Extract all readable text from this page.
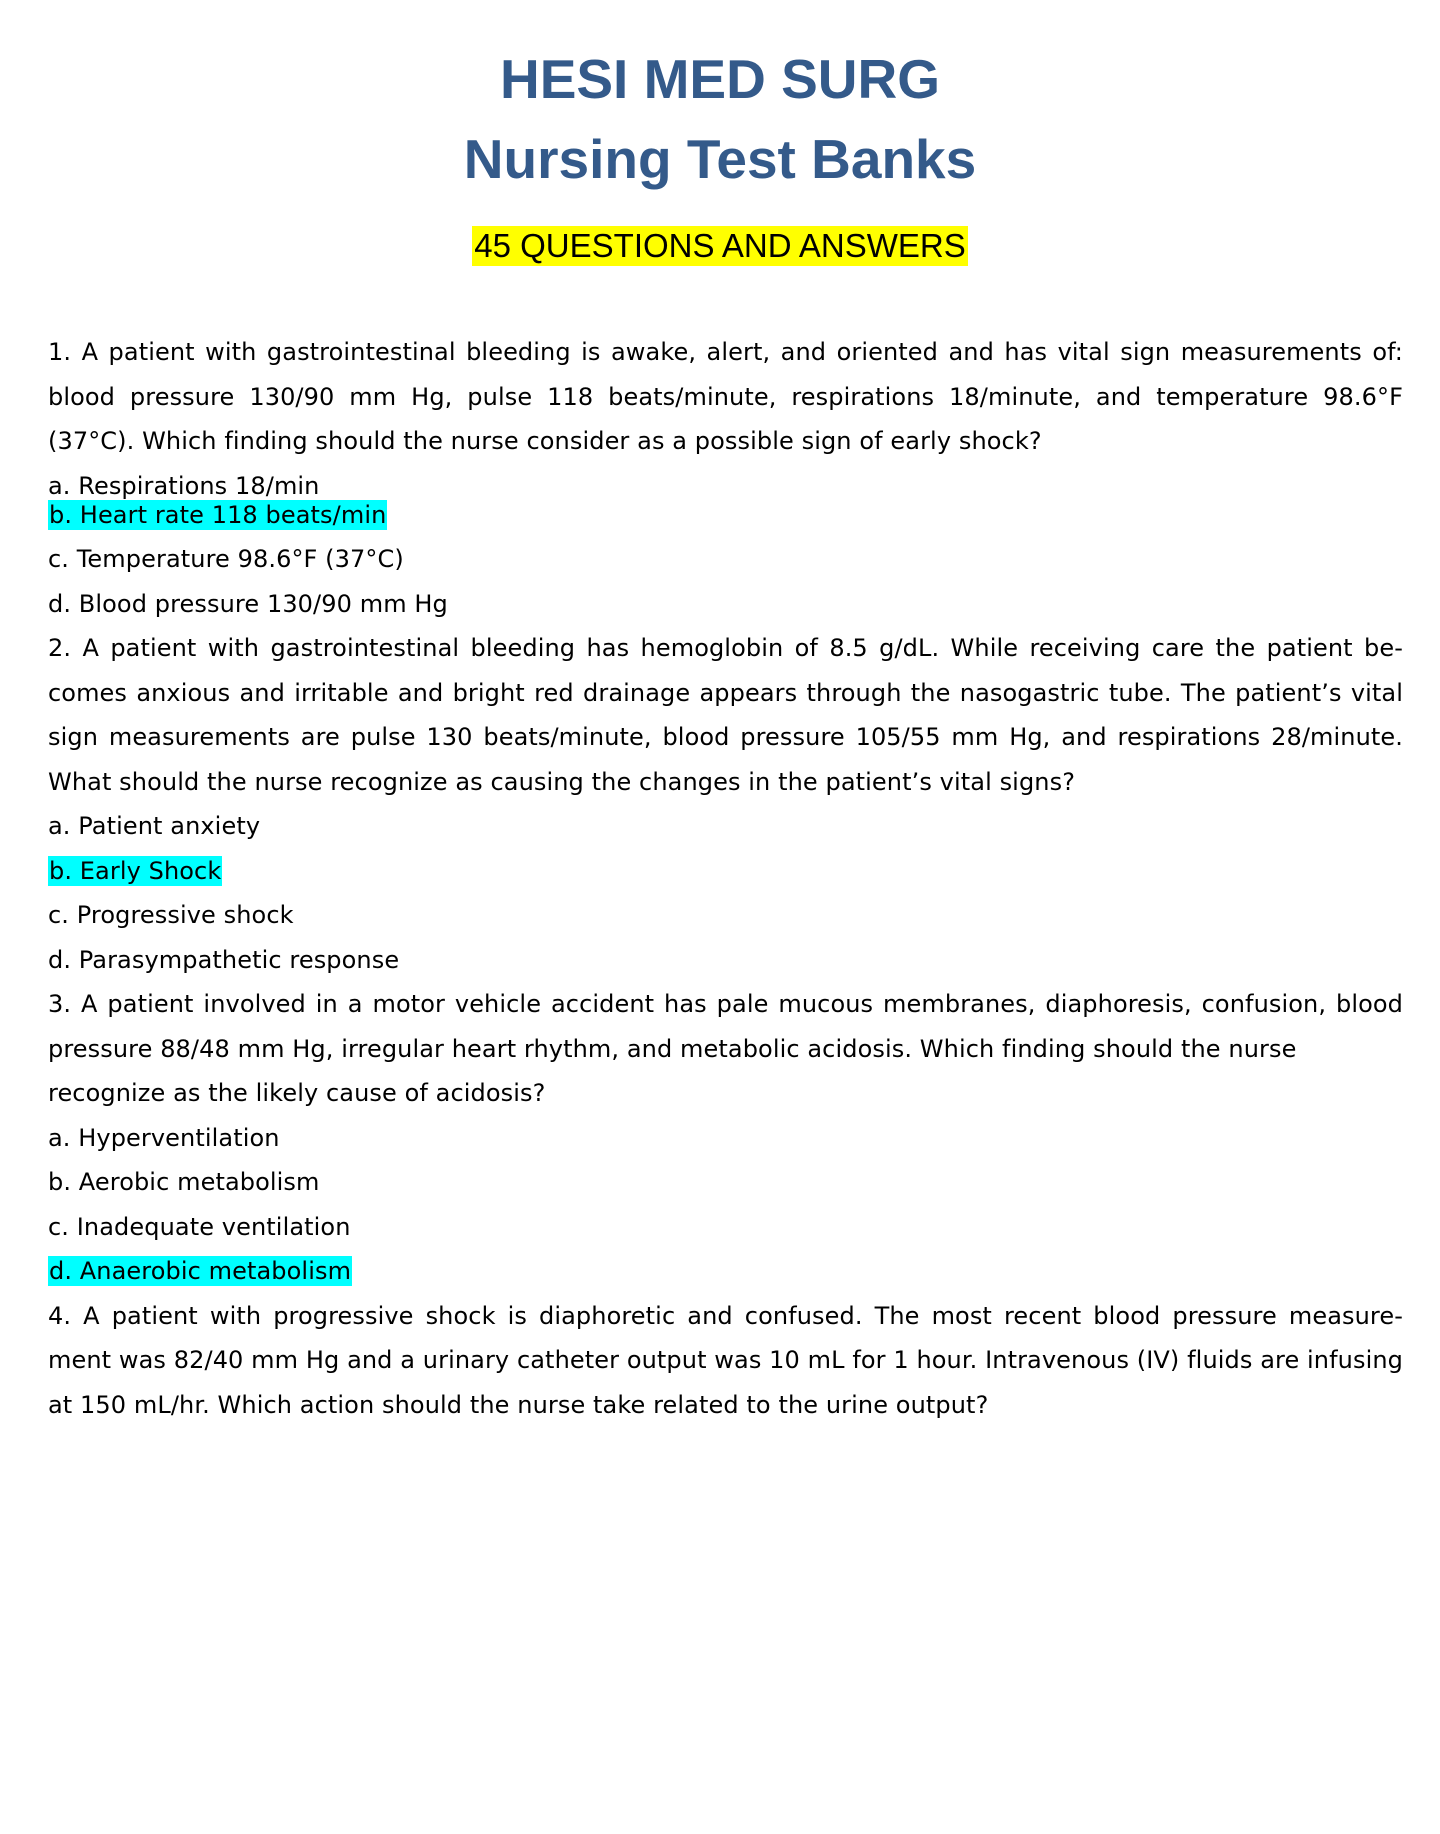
HESI MED SURG
Nursing Test Banks
45 QUESTIONS AND ANSWERS
1. A patient with gastrointestinal bleeding is awake, alert, and oriented and has vital sign measurements of:
blood pressure 130/90 mm Hg, pulse 118 beats/minute, respirations 18/minute, and temperature 98.6°F
(37°C). Which finding should the nurse consider as a possible sign of early shock?
a. Respirations 18/min
b. Heart rate 118 beats/min
c. Temperature 98.6°F (37°C)
d. Blood pressure 130/90 mm Hg
2. A patient with gastrointestinal bleeding has hemoglobin of 8.5 g/dL. While receiving care the patient be-
comes anxious and irritable and bright red drainage appears through the nasogastric tube. The patient’s vital
sign measurements are pulse 130 beats/minute, blood pressure 105/55 mm Hg, and respirations 28/minute.
What should the nurse recognize as causing the changes in the patient’s vital signs?
a. Patient anxiety
b. Early Shock
c. Progressive shock
d. Parasympathetic response
3. A patient involved in a motor vehicle accident has pale mucous membranes, diaphoresis, confusion, blood
pressure 88/48 mm Hg, irregular heart rhythm, and metabolic acidosis. Which finding should the nurse
recognize as the likely cause of acidosis?
a. Hyperventilation
b. Aerobic metabolism
c. Inadequate ventilation
d. Anaerobic metabolism
4. A patient with progressive shock is diaphoretic and confused. The most recent blood pressure measure-
ment was 82/40 mm Hg and a urinary catheter output was 10 mL for 1 hour. Intravenous (IV) fluids are infusing
at 150 mL/hr. Which action should the nurse take related to the urine output?
